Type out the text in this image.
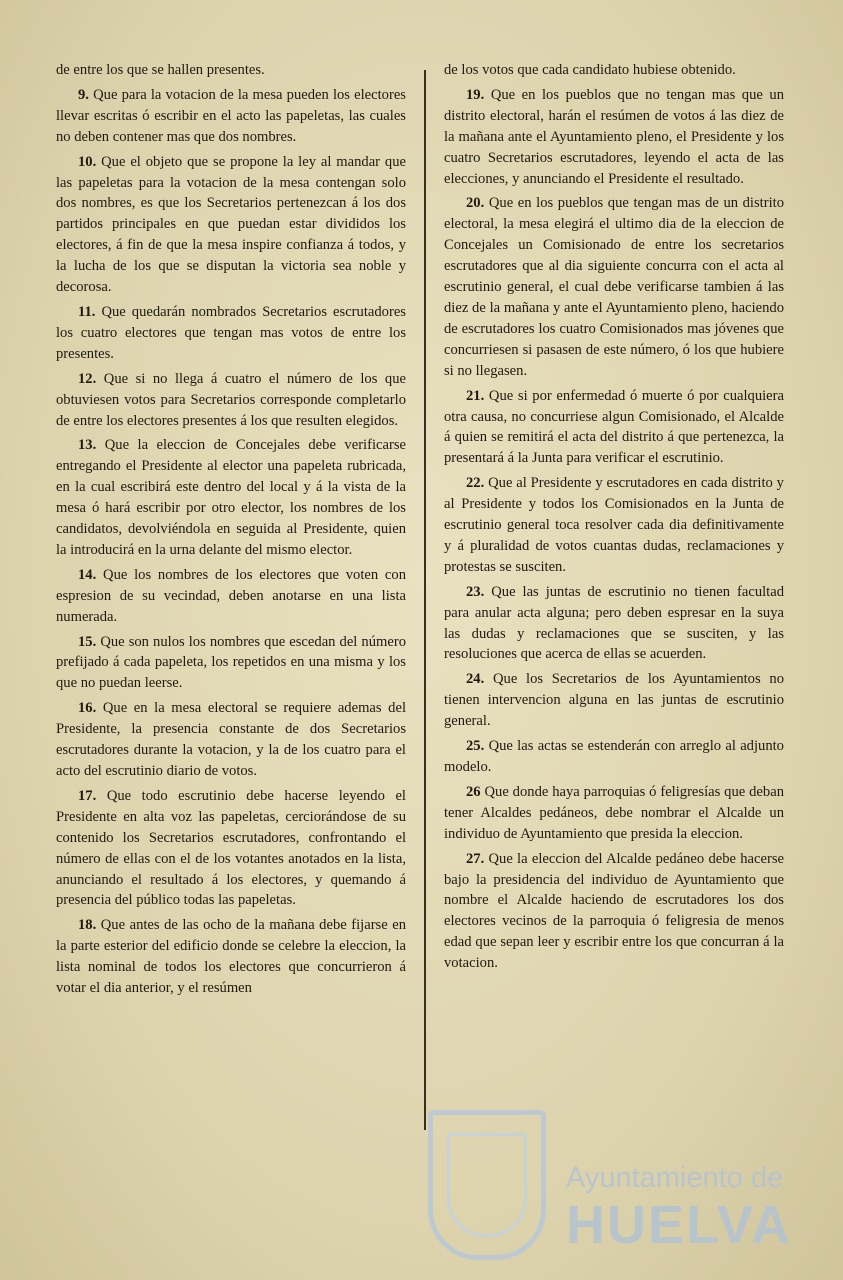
de entre los que se hallen presentes.

9. Que para la votacion de la mesa pueden los electores llevar escritas ó escribir en el acto las papeletas, las cuales no deben contener mas que dos nombres.

10. Que el objeto que se propone la ley al mandar que las papeletas para la votacion de la mesa contengan solo dos nombres, es que los Secretarios pertenezcan á los dos partidos principales en que puedan estar divididos los electores, á fin de que la mesa inspire confianza á todos, y la lucha de los que se disputan la victoria sea noble y decorosa.

11. Que quedarán nombrados Secretarios escrutadores los cuatro electores que tengan mas votos de entre los presentes.

12. Que si no llega á cuatro el número de los que obtuviesen votos para Secretarios corresponde completarlo de entre los electores presentes á los que resulten elegidos.

13. Que la eleccion de Concejales debe verificarse entregando el Presidente al elector una papeleta rubricada, en la cual escribirá este dentro del local y á la vista de la mesa ó hará escribir por otro elector, los nombres de los candidatos, devolviéndola en seguida al Presidente, quien la introducirá en la urna delante del mismo elector.

14. Que los nombres de los electores que voten con espresion de su vecindad, deben anotarse en una lista numerada.

15. Que son nulos los nombres que escedan del número prefijado á cada papeleta, los repetidos en una misma y los que no puedan leerse.

16. Que en la mesa electoral se requiere ademas del Presidente, la presencia constante de dos Secretarios escrutadores durante la votacion, y la de los cuatro para el acto del escrutinio diario de votos.

17. Que todo escrutinio debe hacerse leyendo el Presidente en alta voz las papeletas, cerciorándose de su contenido los Secretarios escrutadores, confrontando el número de ellas con el de los votantes anotados en la lista, anunciando el resultado á los electores, y quemando á presencia del público todas las papeletas.

18. Que antes de las ocho de la mañana debe fijarse en la parte esterior del edificio donde se celebre la eleccion, la lista nominal de todos los electores que concurrieron á votar el dia anterior, y el resúmen

de los votos que cada candidato hubiese obtenido.

19. Que en los pueblos que no tengan mas que un distrito electoral, harán el resúmen de votos á las diez de la mañana ante el Ayuntamiento pleno, el Presidente y los cuatro Secretarios escrutadores, leyendo el acta de las elecciones, y anunciando el Presidente el resultado.

20. Que en los pueblos que tengan mas de un distrito electoral, la mesa elegirá el ultimo dia de la eleccion de Concejales un Comisionado de entre los secretarios escrutadores que al dia siguiente concurra con el acta al escrutinio general, el cual debe verificarse tambien á las diez de la mañana y ante el Ayuntamiento pleno, haciendo de escrutadores los cuatro Comisionados mas jóvenes que concurriesen si pasasen de este número, ó los que hubiere si no llegasen.

21. Que si por enfermedad ó muerte ó por cualquiera otra causa, no concurriese algun Comisionado, el Alcalde á quien se remitirá el acta del distrito á que pertenezca, la presentará á la Junta para verificar el escrutinio.

22. Que al Presidente y escrutadores en cada distrito y al Presidente y todos los Comisionados en la Junta de escrutinio general toca resolver cada dia definitivamente y á pluralidad de votos cuantas dudas, reclamaciones y protestas se susciten.

23. Que las juntas de escrutinio no tienen facultad para anular acta alguna; pero deben espresar en la suya las dudas y reclamaciones que se susciten, y las resoluciones que acerca de ellas se acuerden.

24. Que los Secretarios de los Ayuntamientos no tienen intervencion alguna en las juntas de escrutinio general.

25. Que las actas se estenderán con arreglo al adjunto modelo.

26 Que donde haya parroquias ó feligresías que deban tener Alcaldes pedáneos, debe nombrar el Alcalde un individuo de Ayuntamiento que presida la eleccion.

27. Que la eleccion del Alcalde pedáneo debe hacerse bajo la presidencia del individuo de Ayuntamiento que nombre el Alcalde haciendo de escrutadores los dos electores vecinos de la parroquia ó feligresia de menos edad que sepan leer y escribir entre los que concurran á la votacion.

Ayuntamiento de
HUELVA
